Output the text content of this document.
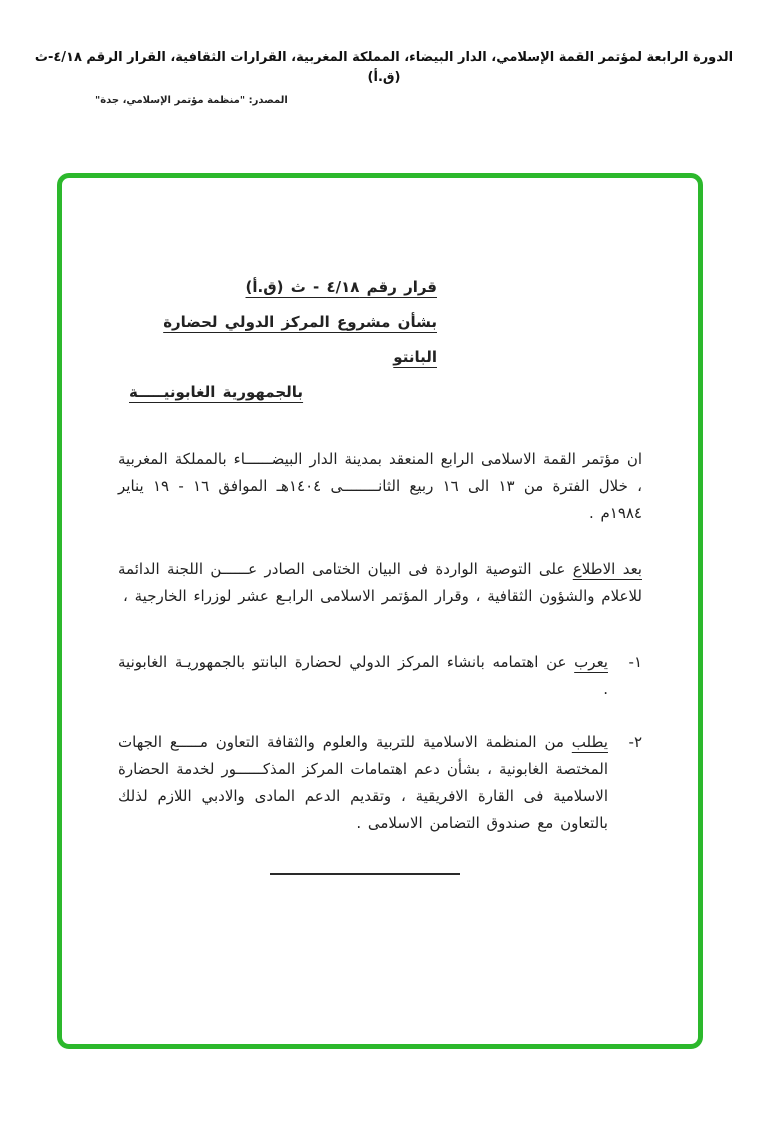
الدورة الرابعة لمؤتمر القمة الإسلامي، الدار البيضاء، المملكة المغربية، القرارات الثقافية، القرار الرقم ٤/١٨-ث (ق.أ)
المصدر: "منظمة مؤتمر الإسلامي، جدة"
قرار رقم ٤/١٨ - ث (ق.أ)
بشأن مشروع المركز الدولي لحضارة البانتو
بالجمهورية الغابونيـــــة

ان مؤتمر القمة الاسلامى الرابع المنعقد بمدينة الدار البيضــــــاء بالمملكة المغربية ، خلال الفترة من ١٣ الى ١٦ ربيع الثانــــــــى ١٤٠٤هـ الموافق ١٦ - ١٩ يناير ١٩٨٤م .

بعد الاطلاع على التوصية الواردة فى البيان الختامى الصادر عــــــن اللجنة الدائمة للاعلام والشؤون الثقافية ، وقرار المؤتمر الاسلامى الرابـع عشر لوزراء الخارجية ،

١-

يعرب عن اهتمامه بانشاء المركز الدولي لحضارة البانتو بالجمهوريـة الغابونية .

٢-

يطلب من المنظمة الاسلامية للتربية والعلوم والثقافة التعاون مـــــع الجهات المختصة الغابونية ، بشأن دعم اهتمامات المركز المذكــــــور لخدمة الحضارة الاسلامية فى القارة الافريقية ، وتقديم الدعم المادى والادبي اللازم لذلك بالتعاون مع صندوق التضامن الاسلامى .
